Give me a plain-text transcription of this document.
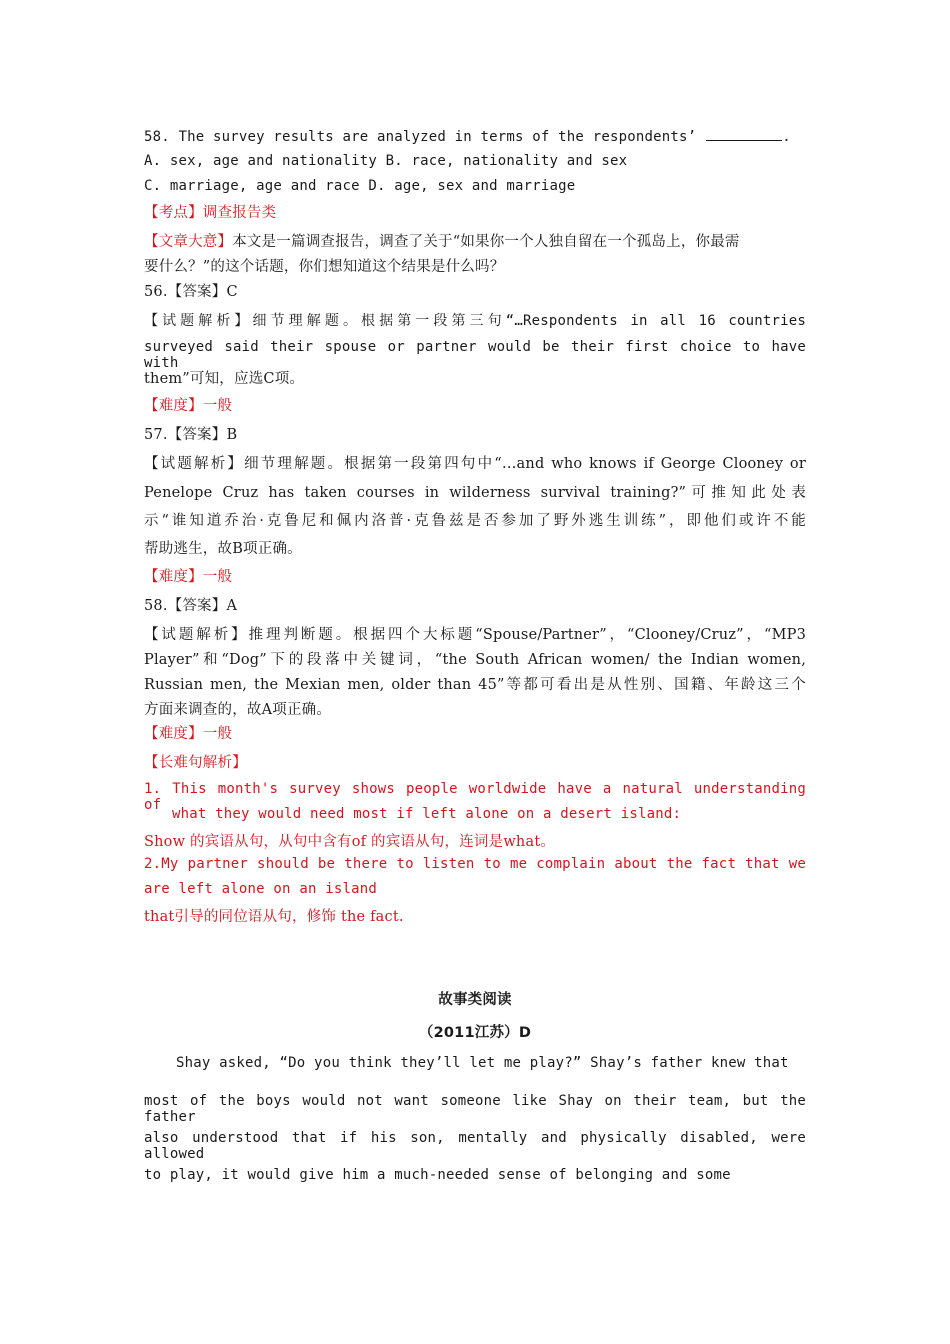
58. The survey results are analyzed in terms of the respondents’	.
A. sex, age and nationality B. race, nationality and sex
C. marriage, age and race D. age, sex and marriage
【考点】调查报告类
【文章大意】本文是一篇调查报告，调查了关于“如果你一个人独自留在一个孤岛上，你最需
要什么？”的这个话题，你们想知道这个结果是什么吗？
56.【答案】C
【试题解析】细节理解题。根据第一段第三句“…Respondents in all 16 countries
surveyed said their spouse or partner would be their first choice to have with
them”可知，应选C项。
【难度】一般
57.【答案】B
【试题解析】细节理解题。根据第一段第四句中“…and who knows if George Clooney or
Penelope Cruz has taken courses in wilderness survival training?”可推知此处表
示“谁知道乔治·克鲁尼和佩内洛普·克鲁兹是否参加了野外逃生训练”，即他们或许不能
帮助逃生，故B项正确。
【难度】一般
58.【答案】A
【试题解析】推理判断题。根据四个大标题“Spouse/Partner”，“Clooney/Cruz”，“MP3
Player”和“Dog”下的段落中关键词，“the South African women/ the Indian women,
Russian men, the Mexian men, older than 45”等都可看出是从性别、国籍、年龄这三个
方面来调查的，故A项正确。
【难度】一般
【长难句解析】
1. This month's survey shows people worldwide have a natural understanding of
what they would need most if left alone on a desert island:
Show 的宾语从句，从句中含有of 的宾语从句，连词是what。
2.My partner should be there to listen to me complain about the fact that we
are left alone on an island
that引导的同位语从句，修饰 the fact.
故事类阅读
（2011江苏）D
Shay asked, “Do you think they’ll let me play?” Shay’s father knew that
most of the boys would not want someone like Shay on their team, but the father
also understood that if his son, mentally and physically disabled, were allowed
to play, it would give him a much-needed sense of belonging and some
